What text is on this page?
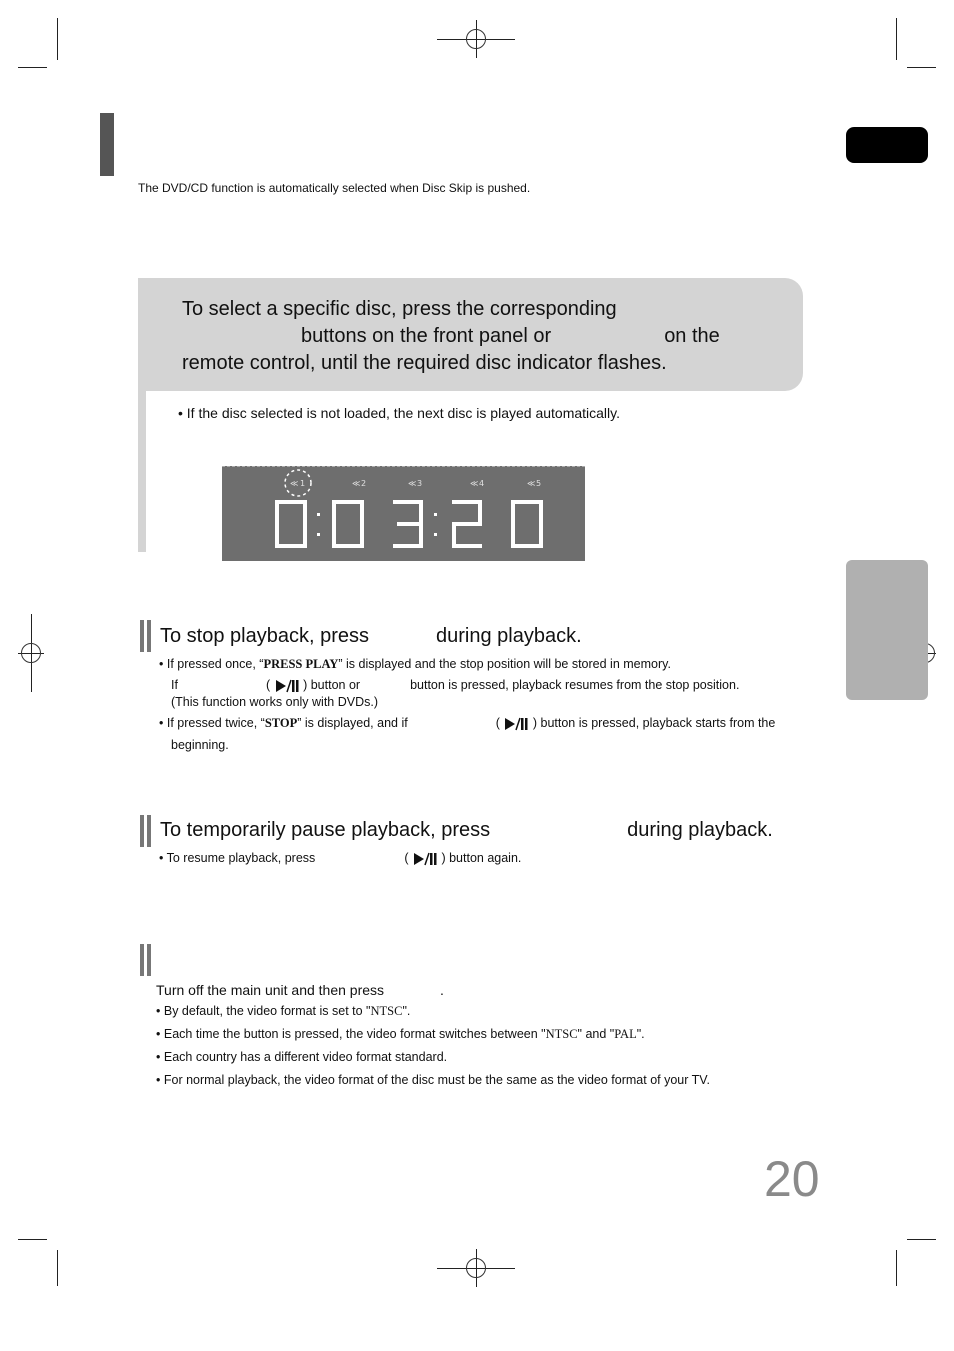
The DVD/CD function is automatically selected when Disc Skip is pushed.
To select a specific disc, press the corresponding
buttons on the front panel or	on the
remote control, until the required disc indicator flashes.
• If the disc selected is not loaded, the next disc is played automatically.
≪ 1	≪ 2	≪ 3	≪ 4	≪ 5
To stop playback, press	during playback.
• If pressed once, “PRESS PLAY” is displayed and the stop position will be stored in memory.
If	(	) button or	button is pressed, playback resumes from the stop position.
(This function works only with DVDs.)
• If pressed twice, “STOP” is displayed, and if	(	) button is pressed, playback starts from the
beginning.
To temporarily pause playback, press	during playback.
• To resume playback, press	(	) button again.
Turn off the main unit and then press	.
• By default, the video format is set to "NTSC".
• Each time the button is pressed, the video format switches between "NTSC" and "PAL".
• Each country has a different video format standard.
• For normal playback, the video format of the disc must be the same as the video format of your TV.
20
